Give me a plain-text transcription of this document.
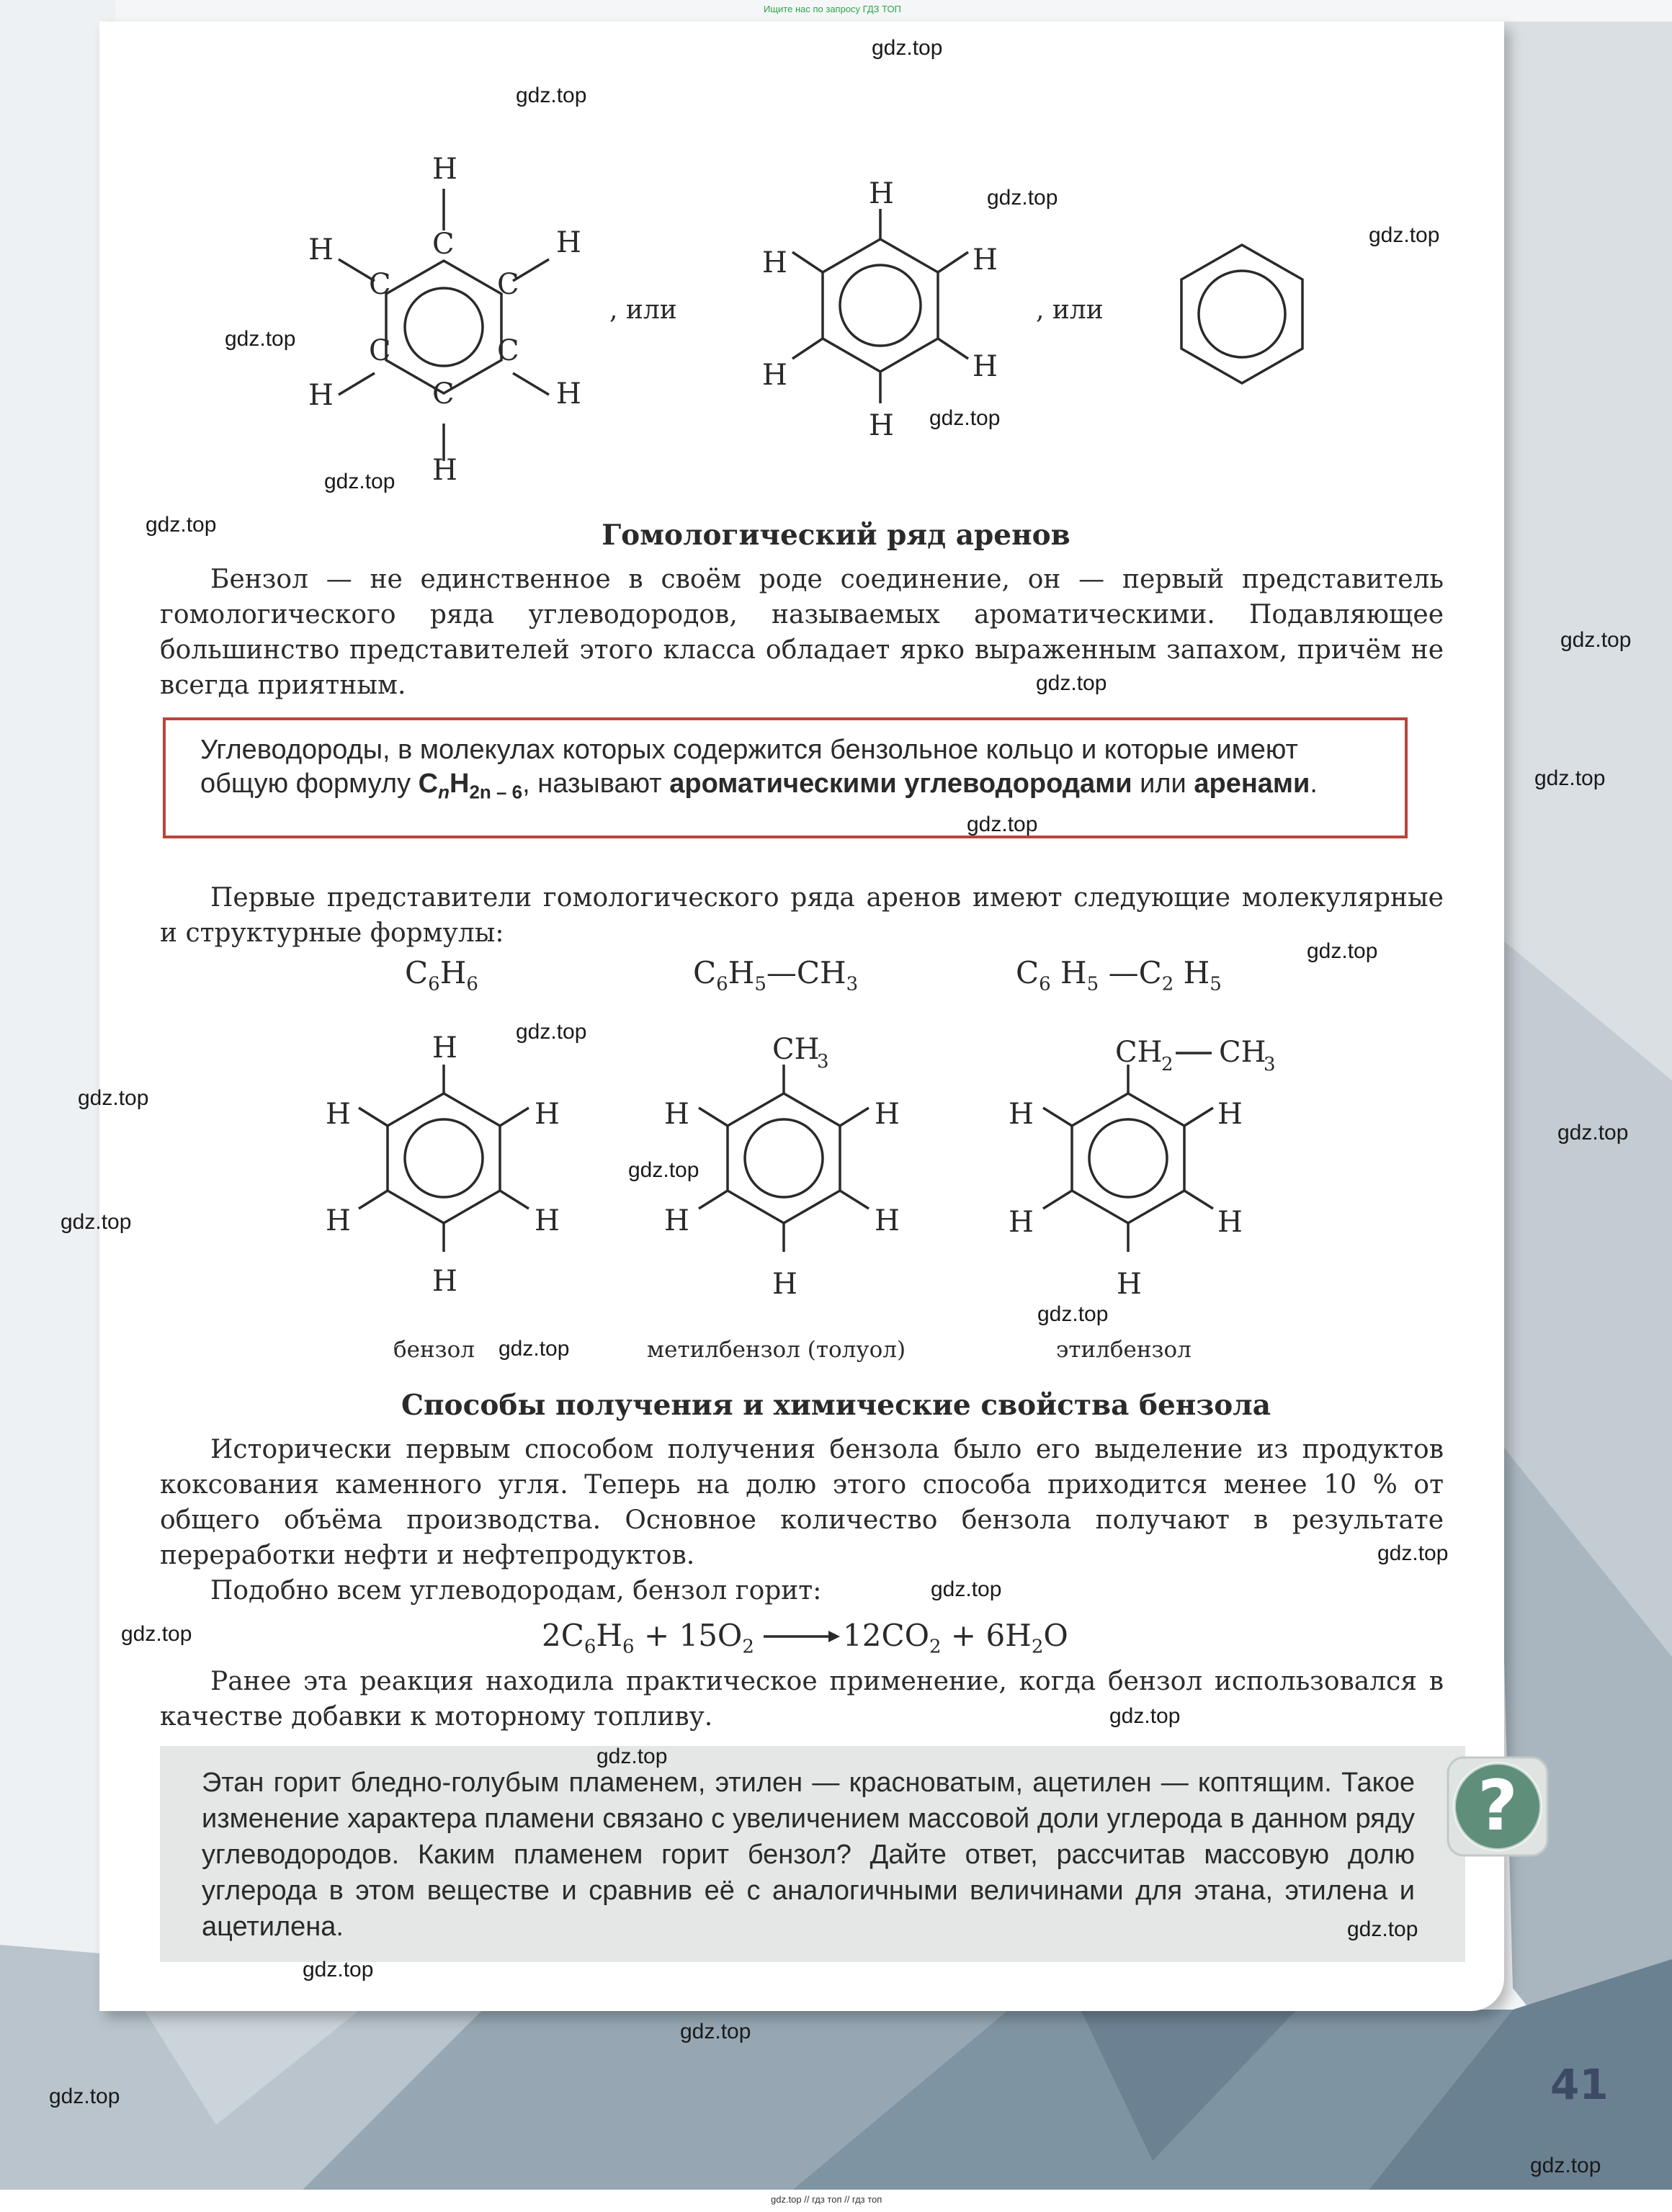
Ищите нас по запросу ГДЗ ТОП
H
C
C	C
C	C
C
H
H
H
H
H
H
H
H
H
H
H
H
H
H
H
H
H
CH
3
H
H
H
H
H
CH
2 CH
3
H
H
H
H
H
, или	, или
Гомологический ряд аренов

Бензол — не единственное в своём роде соединение, он — первый представитель гомологического ряда углеводородов, называемых ароматическими. Подавляющее большинство представителей этого класса обладает ярко выраженным запахом, причём не всегда приятным.

Углеводороды, в молекулах которых содержится бензольное кольцо и которые имеют общую формулу $C_nH_{2n - 6}$, называют ароматическими углеводородами или аренами.

Первые представители гомологического ряда аренов имеют следующие молекулярные и структурные формулы:

$C_6H_6$	$C_6H_5—CH_3$	$C_6$ $H_5$ $—C_2$ $H_5$
бензол	метилбензол (толуол)	этилбензол
Способы получения и химические свойства бензола

Исторически первым способом получения бензола было его выделение из продуктов коксования каменного угля. Теперь на долю этого способа приходится менее 10 % от общего объёма производства. Основное количество бензола получают в результате переработки нефти и нефтепродуктов.

Подобно всем углеводородам, бензол горит:

$2C_6H_6 + 15O_2$	$12CO_2 + 6H_2O$

Ранее эта реакция находила практическое применение, когда бензол использовался в качестве добавки к моторному топливу.

Этан горит бледно-голубым пламенем, этилен — красноватым, ацетилен — коптящим. Такое изменение характера пламени связано с увеличением массовой доли углерода в данном ряду углеводородов. Каким пламенем горит бензол? Дайте ответ, рассчитав массовую долю углерода в этом веществе и сравнив её с аналогичными величинами для этана, этилена и ацетилена.
?
41
gdz.top
gdz.top
gdz.top
gdz.top
gdz.top
gdz.top
gdz.top
gdz.top
gdz.top
gdz.top
gdz.top
gdz.top
gdz.top
gdz.top
gdz.top
gdz.top
gdz.top
gdz.top
gdz.top
gdz.top
gdz.top
gdz.top
gdz.top
gdz.top
gdz.top
gdz.top
gdz.top
gdz.top
gdz.top
gdz.top
gdz.top // гдз топ // гдз топ
